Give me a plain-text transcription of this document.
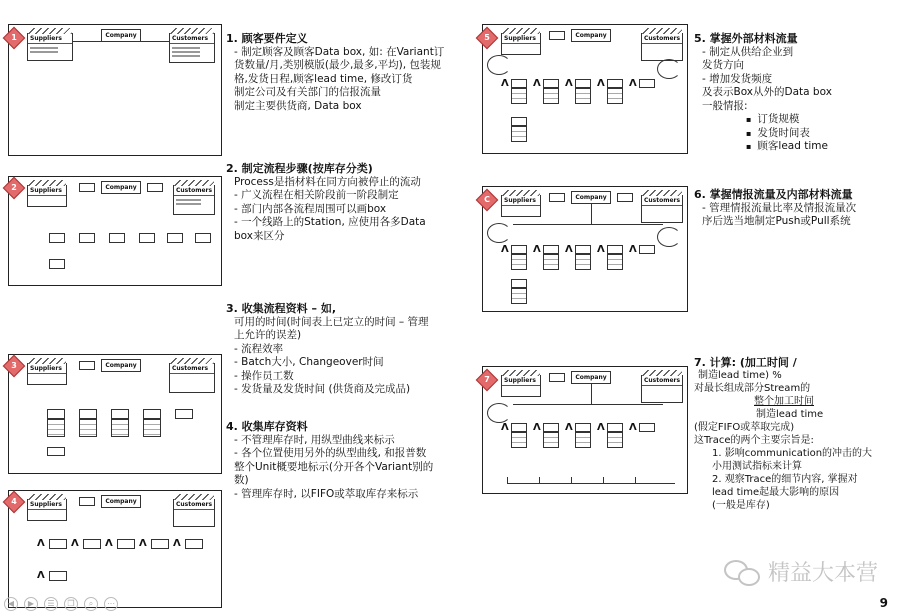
Suppliers	Company	Customers
1
Suppliers	Company	Customers
2
Suppliers	Company	Customers
3
Suppliers	Company	Customers
Λ	Λ	Λ	Λ	Λ
Λ
4
Suppliers	Company	Customers
Λ Λ Λ Λ Λ
5
Suppliers	Company	Customers
Λ Λ Λ Λ Λ
C
Suppliers	Company	Customers
Λ Λ Λ Λ Λ
7
1. 顾客要件定义
- 制定顾客及顾客Data box, 如: 在Variant订
货数量/月,类别模版(最少,最多,平均), 包装规
格,发货日程,顾客lead time, 修改订货
制定公司及有关部门的信报流量
制定主要供货商, Data box
2. 制定流程步骤(按库存分类)
Process是指材料在同方向被停止的流动
- 广义流程在相关阶段前一阶段制定
- 部门内部各流程周围可以画box
- 一个线路上的Station, 应使用各多Data
box来区分
3. 收集流程资料 – 如,
可用的时间(时间表上已定立的时间 – 管理
上允许的误差)
- 流程效率
- Batch大小, Changeover时间
- 操作员工数
- 发货量及发货时间 (供货商及完成品)
4. 收集库存资料
- 不管理库存时, 用纵型曲线来标示
- 各个位置使用另外的纵型曲线, 和报普数
整个Unit概要地标示(分开各个Variant别的
数)
- 管理库存时, 以FIFO或萃取库存来标示
5. 掌握外部材料流量
- 制定从供给企业到
发货方向
- 增加发货频度
及表示Box从外的Data box
一般情报:
▪ 订货规模
▪ 发货时间表
▪ 顾客lead time
6. 掌握情报流量及内部材料流量
- 管理情报流量比率及情报流量次
序后选当地制定Push或Pull系统
7. 计算: (加工时间 /
制造lead time) %
对最长组成部分Stream的
整个加工时间
制造lead time
(假定FIFO或萃取完成)
这Trace的两个主要宗旨是:
1. 影响communication的冲击的大
小用测试指标来计算
2. 观察Trace的细节内容, 掌握对
lead time起最大影响的原因
(一般是库存)
◀	▶	☰	❐	⌕	⋯
精益大本营
9
